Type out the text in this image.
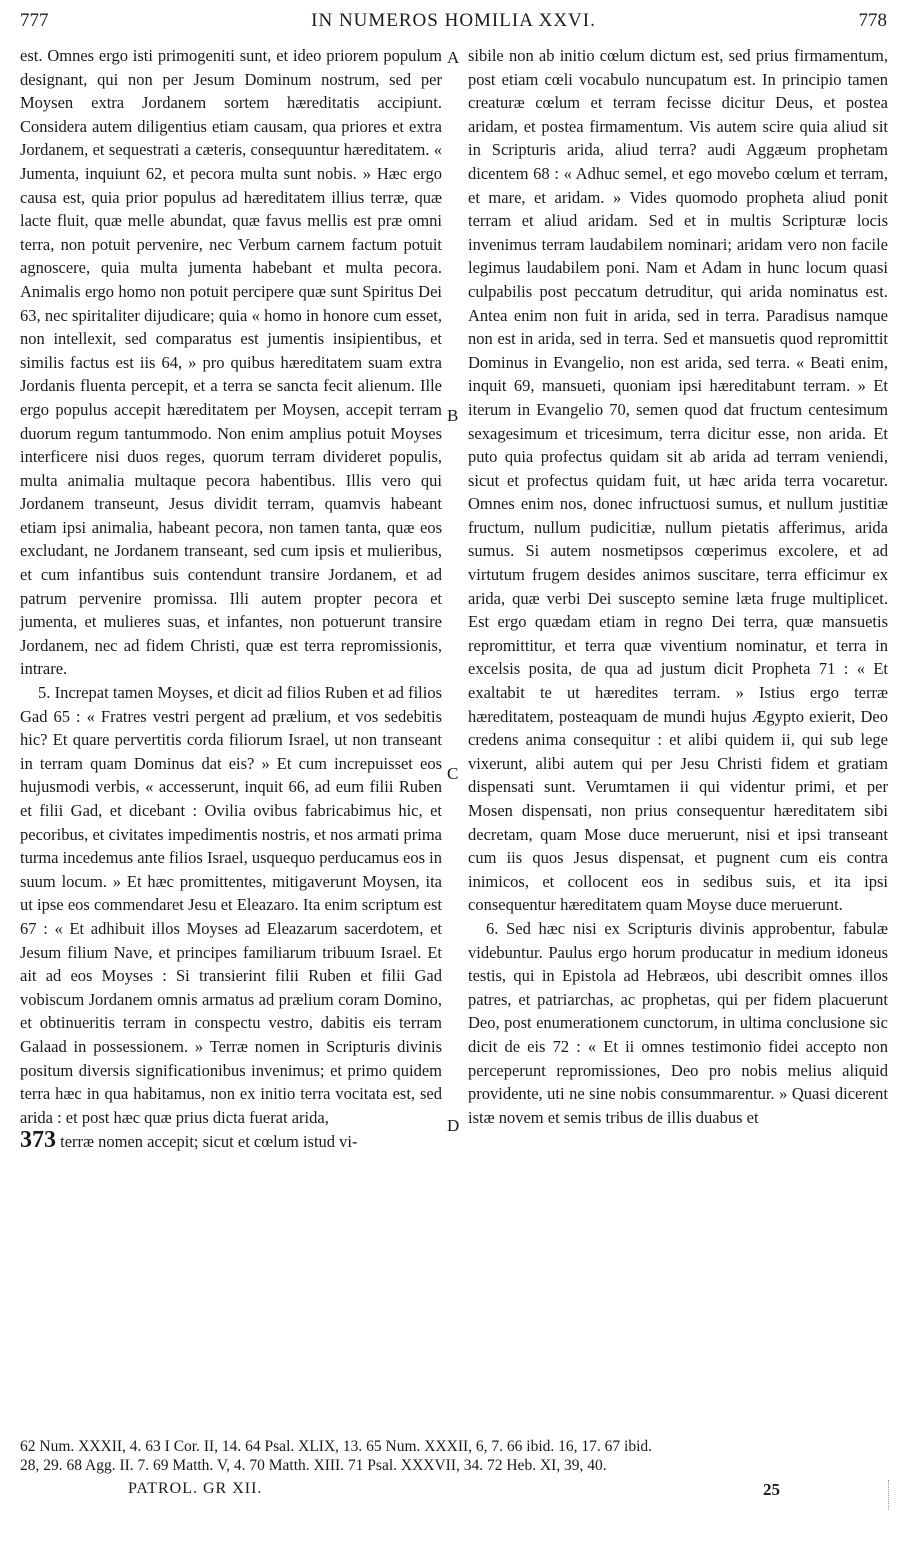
777	IN NUMEROS HOMILIA XXVI.	778

est. Omnes ergo isti primogeniti sunt, et ideo priorem populum designant, qui non per Jesum Dominum nostrum, sed per Moysen extra Jordanem sortem hæreditatis accipiunt. Considera autem diligentius etiam causam, qua priores et extra Jordanem, et sequestrati a cæteris, consequuntur hæreditatem. « Jumenta, inquiunt 62, et pecora multa sunt nobis. » Hæc ergo causa est, quia prior populus ad hæreditatem illius terræ, quæ lacte fluit, quæ melle abundat, quæ favus mellis est præ omni terra, non potuit pervenire, nec Verbum carnem factum potuit agnoscere, quia multa jumenta habebant et multa pecora. Animalis ergo homo non potuit percipere quæ sunt Spiritus Dei 63, nec spiritaliter dijudicare; quia « homo in honore cum esset, non intellexit, sed comparatus est jumentis insipientibus, et similis factus est iis 64, » pro quibus hæreditatem suam extra Jordanis fluenta percepit, et a terra se sancta fecit alienum. Ille ergo populus accepit hæreditatem per Moysen, accepit terram duorum regum tantummodo. Non enim amplius potuit Moyses interficere nisi duos reges, quorum terram divideret populis, multa animalia multaque pecora habentibus. Illis vero qui Jordanem transeunt, Jesus dividit terram, quamvis habeant etiam ipsi animalia, habeant pecora, non tamen tanta, quæ eos excludant, ne Jordanem transeant, sed cum ipsis et mulieribus, et cum infantibus suis contendunt transire Jordanem, et ad patrum pervenire promissa. Illi autem propter pecora et jumenta, et mulieres suas, et infantes, non potuerunt transire Jordanem, nec ad fidem Christi, quæ est terra repromissionis, intrare.

5. Increpat tamen Moyses, et dicit ad filios Ruben et ad filios Gad 65 : « Fratres vestri pergent ad prælium, et vos sedebitis hic? Et quare pervertitis corda filiorum Israel, ut non transeant in terram quam Dominus dat eis? » Et cum increpuisset eos hujusmodi verbis, « accesserunt, inquit 66, ad eum filii Ruben et filii Gad, et dicebant : Ovilia ovibus fabricabimus hic, et pecoribus, et civitates impedimentis nostris, et nos armati prima turma incedemus ante filios Israel, usquequo perducamus eos in suum locum. » Et hæc promittentes, mitigaverunt Moysen, ita ut ipse eos commendaret Jesu et Eleazaro. Ita enim scriptum est 67 : « Et adhibuit illos Moyses ad Eleazarum sacerdotem, et Jesum filium Nave, et principes familiarum tribuum Israel. Et ait ad eos Moyses : Si transierint filii Ruben et filii Gad vobiscum Jordanem omnis armatus ad prælium coram Domino, et obtinueritis terram in conspectu vestro, dabitis eis terram Galaad in possessionem. » Terræ nomen in Scripturis divinis positum diversis significationibus invenimus; et primo quidem terra hæc in qua habitamus, non ex initio terra vocitata est, sed arida : et post hæc quæ prius dicta fuerat arida,

373 terræ nomen accepit; sicut et cœlum istud vi-

A
B
C
D

sibile non ab initio cœlum dictum est, sed prius firmamentum, post etiam cœli vocabulo nuncupatum est. In principio tamen creaturæ cœlum et terram fecisse dicitur Deus, et postea aridam, et postea firmamentum. Vis autem scire quia aliud sit in Scripturis arida, aliud terra? audi Aggæum prophetam dicentem 68 : « Adhuc semel, et ego movebo cœlum et terram, et mare, et aridam. » Vides quomodo propheta aliud ponit terram et aliud aridam. Sed et in multis Scripturæ locis invenimus terram laudabilem nominari; aridam vero non facile legimus laudabilem poni. Nam et Adam in hunc locum quasi culpabilis post peccatum detruditur, qui arida nominatus est. Antea enim non fuit in arida, sed in terra. Paradisus namque non est in arida, sed in terra. Sed et mansuetis quod repromittit Dominus in Evangelio, non est arida, sed terra. « Beati enim, inquit 69, mansueti, quoniam ipsi hæreditabunt terram. » Et iterum in Evangelio 70, semen quod dat fructum centesimum sexagesimum et tricesimum, terra dicitur esse, non arida. Et puto quia profectus quidam sit ab arida ad terram veniendi, sicut et profectus quidam fuit, ut hæc arida terra vocaretur. Omnes enim nos, donec infructuosi sumus, et nullum justitiæ fructum, nullum pudicitiæ, nullum pietatis afferimus, arida sumus. Si autem nosmetipsos cœperimus excolere, et ad virtutum frugem desides animos suscitare, terra efficimur ex arida, quæ verbi Dei suscepto semine læta fruge multiplicet. Est ergo quædam etiam in regno Dei terra, quæ mansuetis repromittitur, et terra quæ viventium nominatur, et terra in excelsis posita, de qua ad justum dicit Propheta 71 : « Et exaltabit te ut hæredites terram. » Istius ergo terræ hæreditatem, posteaquam de mundi hujus Ægypto exierit, Deo credens anima consequitur : et alibi quidem ii, qui sub lege vixerunt, alibi autem qui per Jesu Christi fidem et gratiam dispensati sunt. Verumtamen ii qui videntur primi, et per Mosen dispensati, non prius consequentur hæreditatem sibi decretam, quam Mose duce meruerunt, nisi et ipsi transeant cum iis quos Jesus dispensat, et pugnent cum eis contra inimicos, et collocent eos in sedibus suis, et ita ipsi consequentur hæreditatem quam Moyse duce meruerunt.

6. Sed hæc nisi ex Scripturis divinis approbentur, fabulæ videbuntur. Paulus ergo horum producatur in medium idoneus testis, qui in Epistola ad Hebræos, ubi describit omnes illos patres, et patriarchas, ac prophetas, qui per fidem placuerunt Deo, post enumerationem cunctorum, in ultima conclusione sic dicit de eis 72 : « Et ii omnes testimonio fidei accepto non perceperunt repromissiones, Deo pro nobis melius aliquid providente, uti ne sine nobis consummarentur. » Quasi dicerent istæ novem et semis tribus de illis duabus et

62 Num. XXXII, 4. 63 I Cor. II, 14. 64 Psal. XLIX, 13. 65 Num. XXXII, 6, 7. 66 ibid. 16, 17. 67 ibid.
28, 29. 68 Agg. II. 7. 69 Matth. V, 4. 70 Matth. XIII. 71 Psal. XXXVII, 34. 72 Heb. XI, 39, 40.
PATROL. GR XII.	25
